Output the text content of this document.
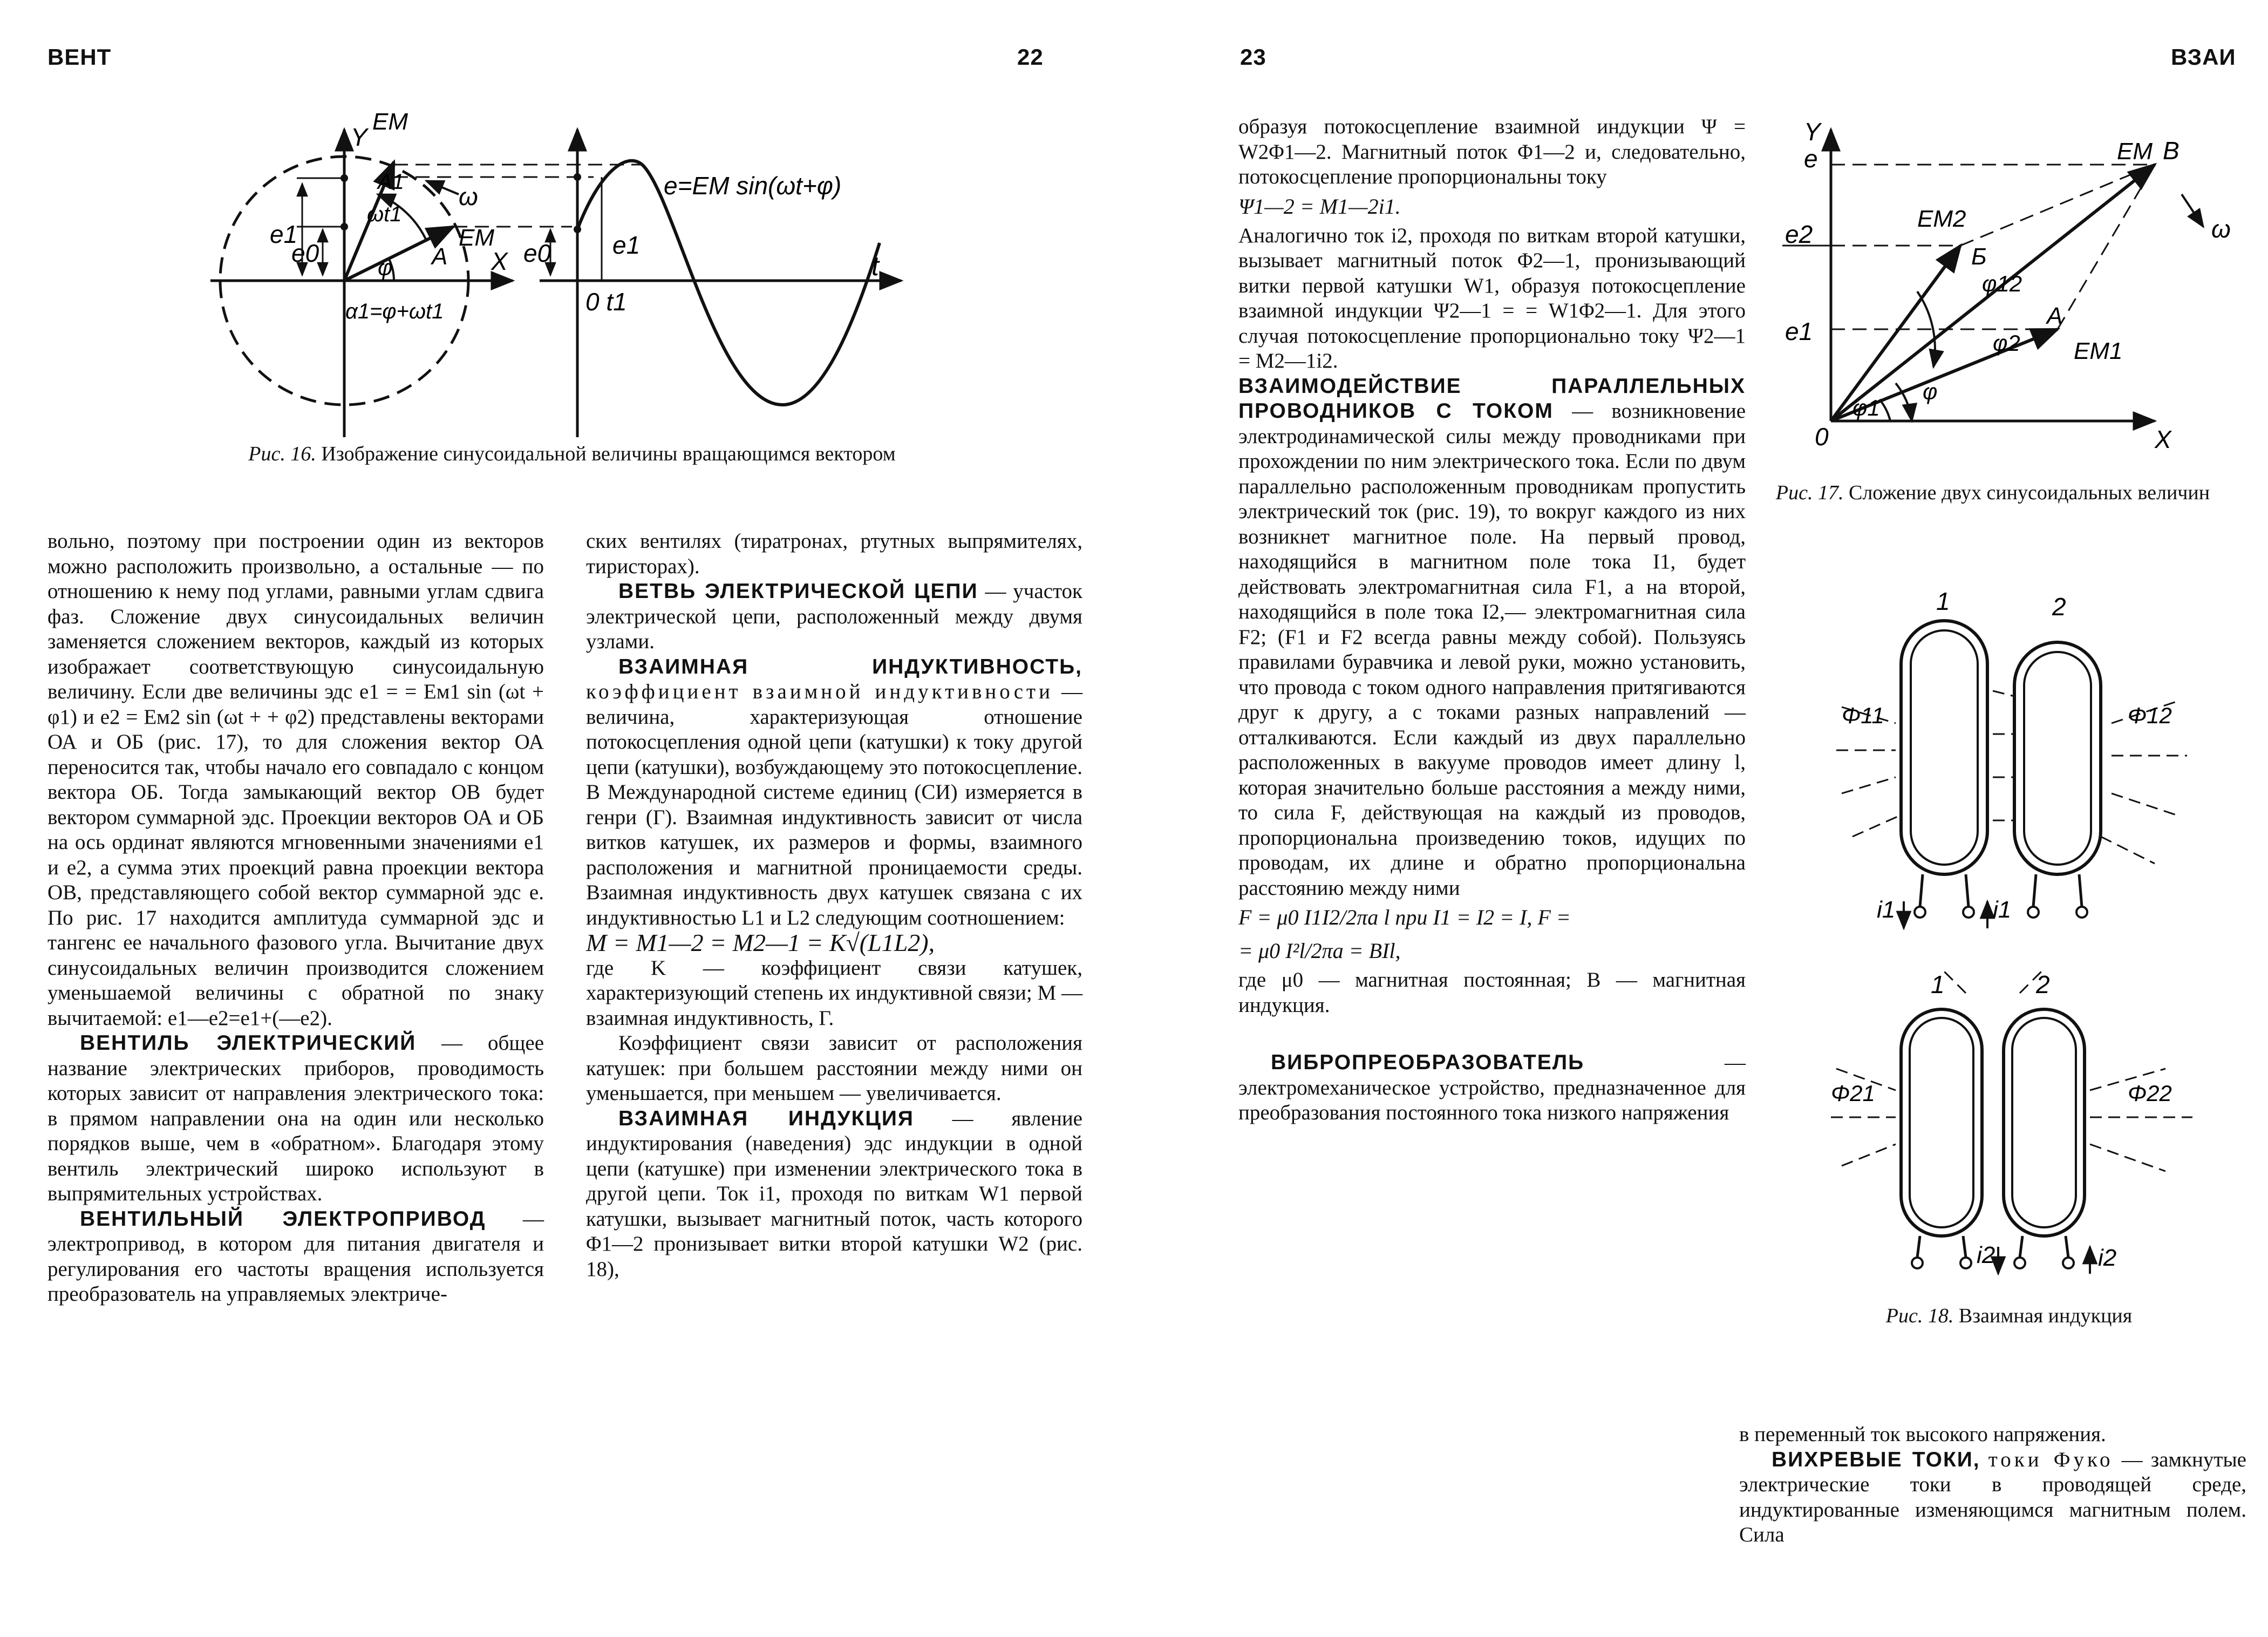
ВЕНТ	22
Y
EM
A1
ω
ωt1
EM
A
φ	X
e1
e0
α1=φ+ωt1
e0 e1
0 t1
t
e=EM sin(ωt+φ)
Рис. 16. Изображение синусоидальной величины вращающимся вектором

вольно, поэтому при построении один из векторов можно расположить произвольно, а остальные — по отношению к нему под углами, равными углам сдвига фаз. Сложение двух синусоидальных величин заменяется сложением векторов, каждый из которых изображает соответствующую синусоидальную величину. Если две величины эдс e1 = = Eм1 sin (ωt + φ1) и e2 = Eм2 sin (ωt + + φ2) представлены векторами ОА и ОБ (рис. 17), то для сложения вектор ОА переносится так, чтобы начало его совпадало с концом вектора ОБ. Тогда замыкающий вектор ОВ будет вектором суммарной эдс. Проекции векторов ОА и ОБ на ось ординат являются мгновенными значениями e1 и e2, а сумма этих проекций равна проекции вектора ОВ, представляющего собой вектор суммарной эдс e. По рис. 17 находится амплитуда суммарной эдс и тангенс ее начального фазового угла. Вычитание двух синусоидальных величин производится сложением уменьшаемой величины с обратной по знаку вычитаемой: e1—e2=e1+(—e2).

ВЕНТИЛЬ ЭЛЕКТРИЧЕСКИЙ — общее название электрических приборов, проводимость которых зависит от направления электрического тока: в прямом направлении она на один или несколько порядков выше, чем в «обратном». Благодаря этому вентиль электрический широко используют в выпрямительных устройствах.

ВЕНТИЛЬНЫЙ ЭЛЕКТРОПРИВОД — электропривод, в котором для питания двигателя и регулирования его частоты вращения используется преобразователь на управляемых электриче-

ских вентилях (тиратронах, ртутных выпрямителях, тиристорах).

ВЕТВЬ ЭЛЕКТРИЧЕСКОЙ ЦЕПИ — участок электрической цепи, расположенный между двумя узлами.

ВЗАИМНАЯ ИНДУКТИВНОСТЬ, коэффициент взаимной индуктивности — величина, характеризующая отношение потокосцепления одной цепи (катушки) к току другой цепи (катушки), возбуждающему это потокосцепление. В Международной системе единиц (СИ) измеряется в генри (Г). Взаимная индуктивность зависит от числа витков катушек, их размеров и формы, взаимного расположения и магнитной проницаемости среды. Взаимная индуктивность двух катушек связана с их индуктивностью L1 и L2 следующим соотношением:

M = M1—2 = M2—1 = K√(L1L2),

где K — коэффициент связи катушек, характеризующий степень их индуктивной связи; M — взаимная индуктивность, Г.

Коэффициент связи зависит от расположения катушек: при большем расстоянии между ними он уменьшается, при меньшем — увеличивается.

ВЗАИМНАЯ ИНДУКЦИЯ — явление индуктирования (наведения) эдс индукции в одной цепи (катушке) при изменении электрического тока в другой цепи. Ток i1, проходя по виткам W1 первой катушки, вызывает магнитный поток, часть которого Φ1—2 пронизывает витки второй катушки W2 (рис. 18),

23	ВЗАИ

образуя потокосцепление взаимной индукции Ψ = W2Φ1—2. Магнитный поток Φ1—2 и, следовательно, потокосцепление пропорциональны току

Ψ1—2 = M1—2i1.

Аналогично ток i2, проходя по виткам второй катушки, вызывает магнитный поток Φ2—1, пронизывающий витки первой катушки W1, образуя потокосцепление взаимной индукции Ψ2—1 = = W1Φ2—1. Для этого случая потокосцепление пропорционально току Ψ2—1 = M2—1i2.

ВЗАИМОДЕЙСТВИЕ ПАРАЛЛЕЛЬНЫХ ПРОВОДНИКОВ С ТОКОМ — возникновение электродинамической силы между проводниками при прохождении по ним электрического тока. Если по двум параллельно расположенным проводникам пропустить электрический ток (рис. 19), то вокруг каждого из них возникнет магнитное поле. На первый провод, находящийся в магнитном поле тока I1, будет действовать электромагнитная сила F1, а на второй, находящийся в поле тока I2,— электромагнитная сила F2; (F1 и F2 всегда равны между собой). Пользуясь правилами буравчика и левой руки, можно установить, что провода с током одного направления притягиваются друг к другу, а с токами разных направлений — отталкиваются. Если каждый из двух параллельно расположенных в вакууме проводов имеет длину l, которая значительно больше расстояния a между ними, то сила F, действующая на каждый из проводов, пропорциональна произведению токов, идущих по проводам, их длине и обратно пропорциональна расстоянию между ними

F = μ0 I1I2/2πa l при I1 = I2 = I, F =

= μ0 I²l/2πa = BIl,

где μ0 — магнитная постоянная; B — магнитная индукция.

ВИБРОПРЕОБРАЗОВАТЕЛЬ	— электромеханическое устройство, предназначенное для преобразования постоянного тока низкого напряжения

Y
e	EM B
ω
EM2
e2
Б
φ12
A
φ2 EM1
e1
φ1
φ
0	X
Рис. 17. Сложение двух синусоидальных величин
1	2
Φ11	Φ12
i1	i1
1	2
Φ21	Φ22
i2	i2
Рис. 18. Взаимная индукция

в переменный ток высокого напряжения.

ВИХРЕВЫЕ ТОКИ, токи Фуко — замкнутые электрические токи в проводящей среде, индуктированные изменяющимся магнитным полем. Сила
